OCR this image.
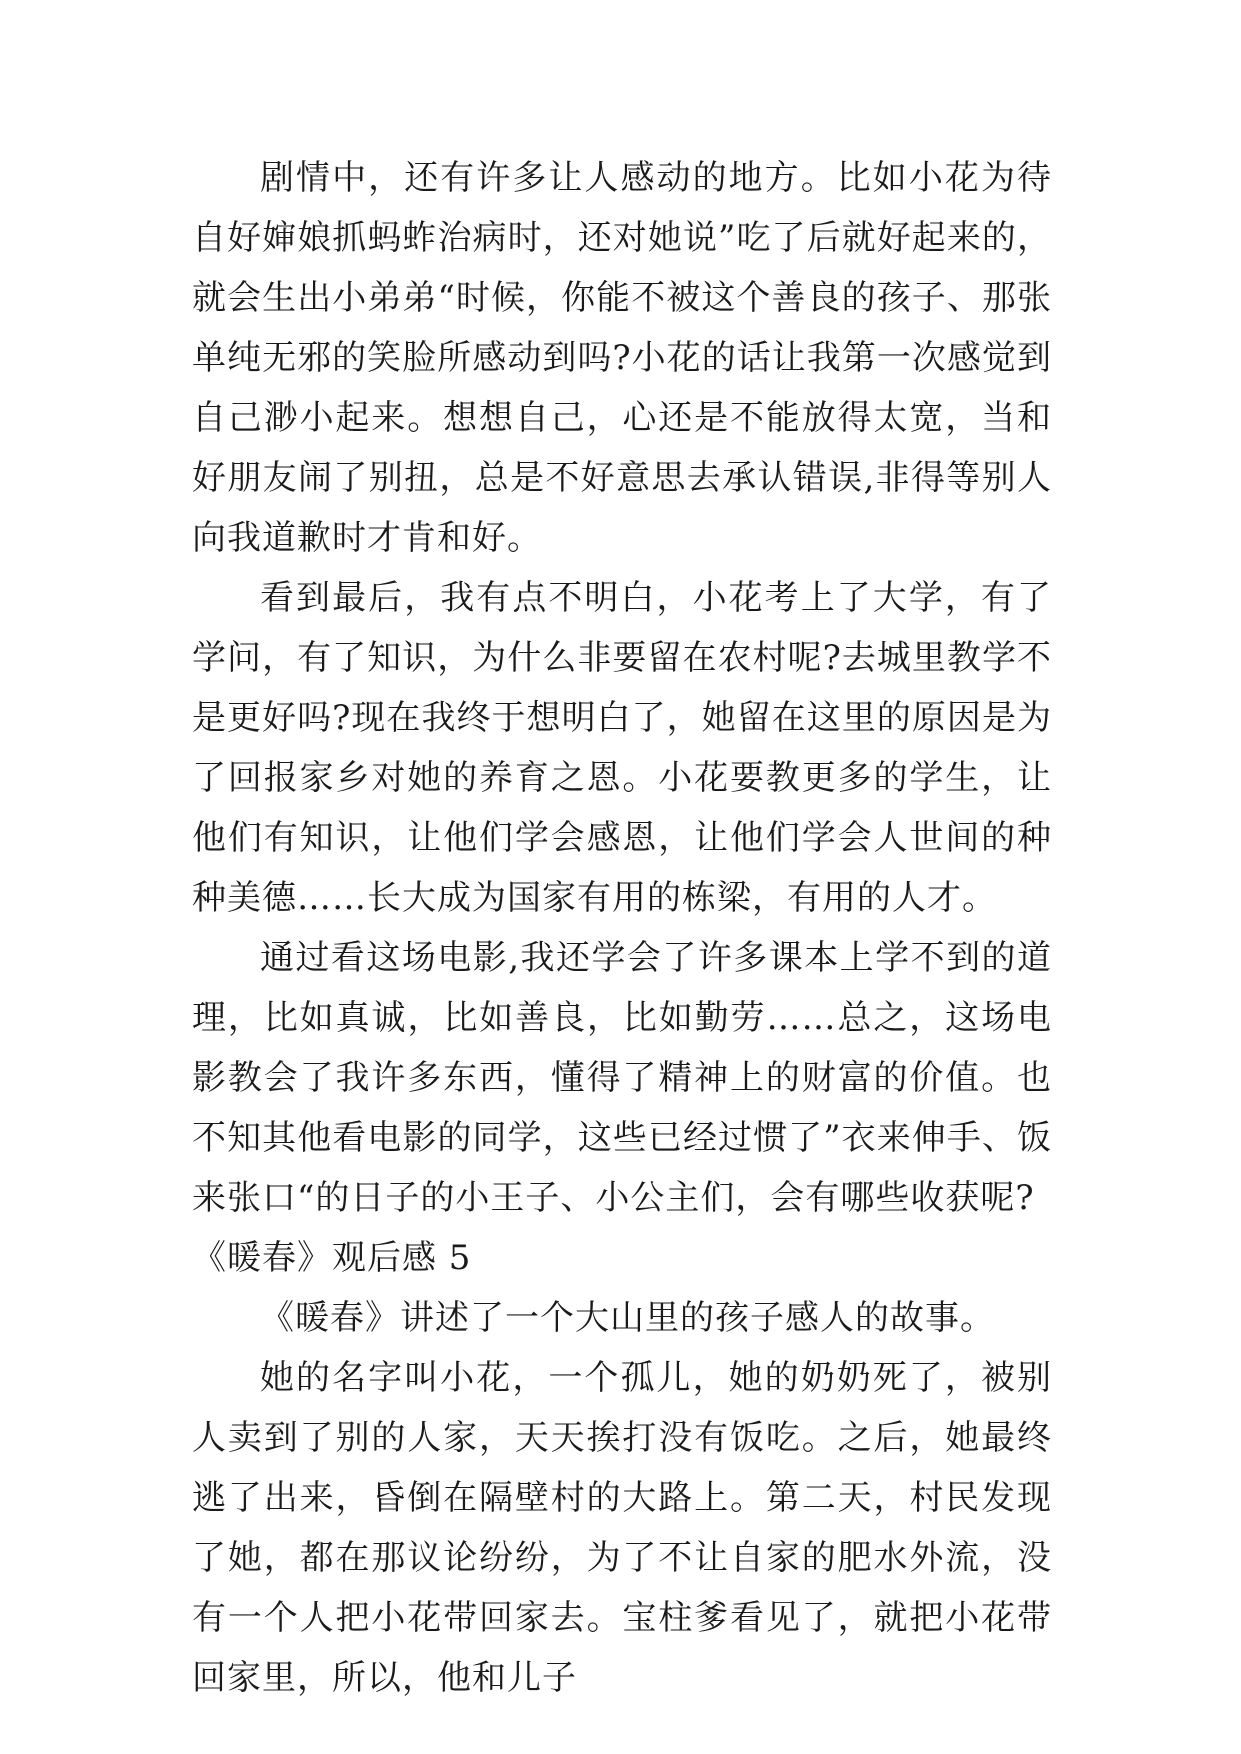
剧情中，还有许多让人感动的地方。比如小花为待自好婶娘抓蚂蚱治病时，还对她说”吃了后就好起来的，就会生出小弟弟“时候，你能不被这个善良的孩子、那张单纯无邪的笑脸所感动到吗?小花的话让我第一次感觉到自己渺小起来。想想自己，心还是不能放得太宽，当和好朋友闹了别扭，总是不好意思去承认错误,非得等别人向我道歉时才肯和好。

看到最后，我有点不明白，小花考上了大学，有了学问，有了知识，为什么非要留在农村呢?去城里教学不是更好吗?现在我终于想明白了，她留在这里的原因是为了回报家乡对她的养育之恩。小花要教更多的学生，让他们有知识，让他们学会感恩，让他们学会人世间的种种美德……长大成为国家有用的栋梁，有用的人才。

通过看这场电影,我还学会了许多课本上学不到的道理，比如真诚，比如善良，比如勤劳……总之，这场电影教会了我许多东西，懂得了精神上的财富的价值。也不知其他看电影的同学，这些已经过惯了”衣来伸手、饭来张口“的日子的小王子、小公主们，会有哪些收获呢?

《暖春》观后感 5

《暖春》讲述了一个大山里的孩子感人的故事。

她的名字叫小花，一个孤儿，她的奶奶死了，被别人卖到了别的人家，天天挨打没有饭吃。之后，她最终逃了出来，昏倒在隔壁村的大路上。第二天，村民发现了她，都在那议论纷纷，为了不让自家的肥水外流，没有一个人把小花带回家去。宝柱爹看见了，就把小花带回家里，所以，他和儿子
